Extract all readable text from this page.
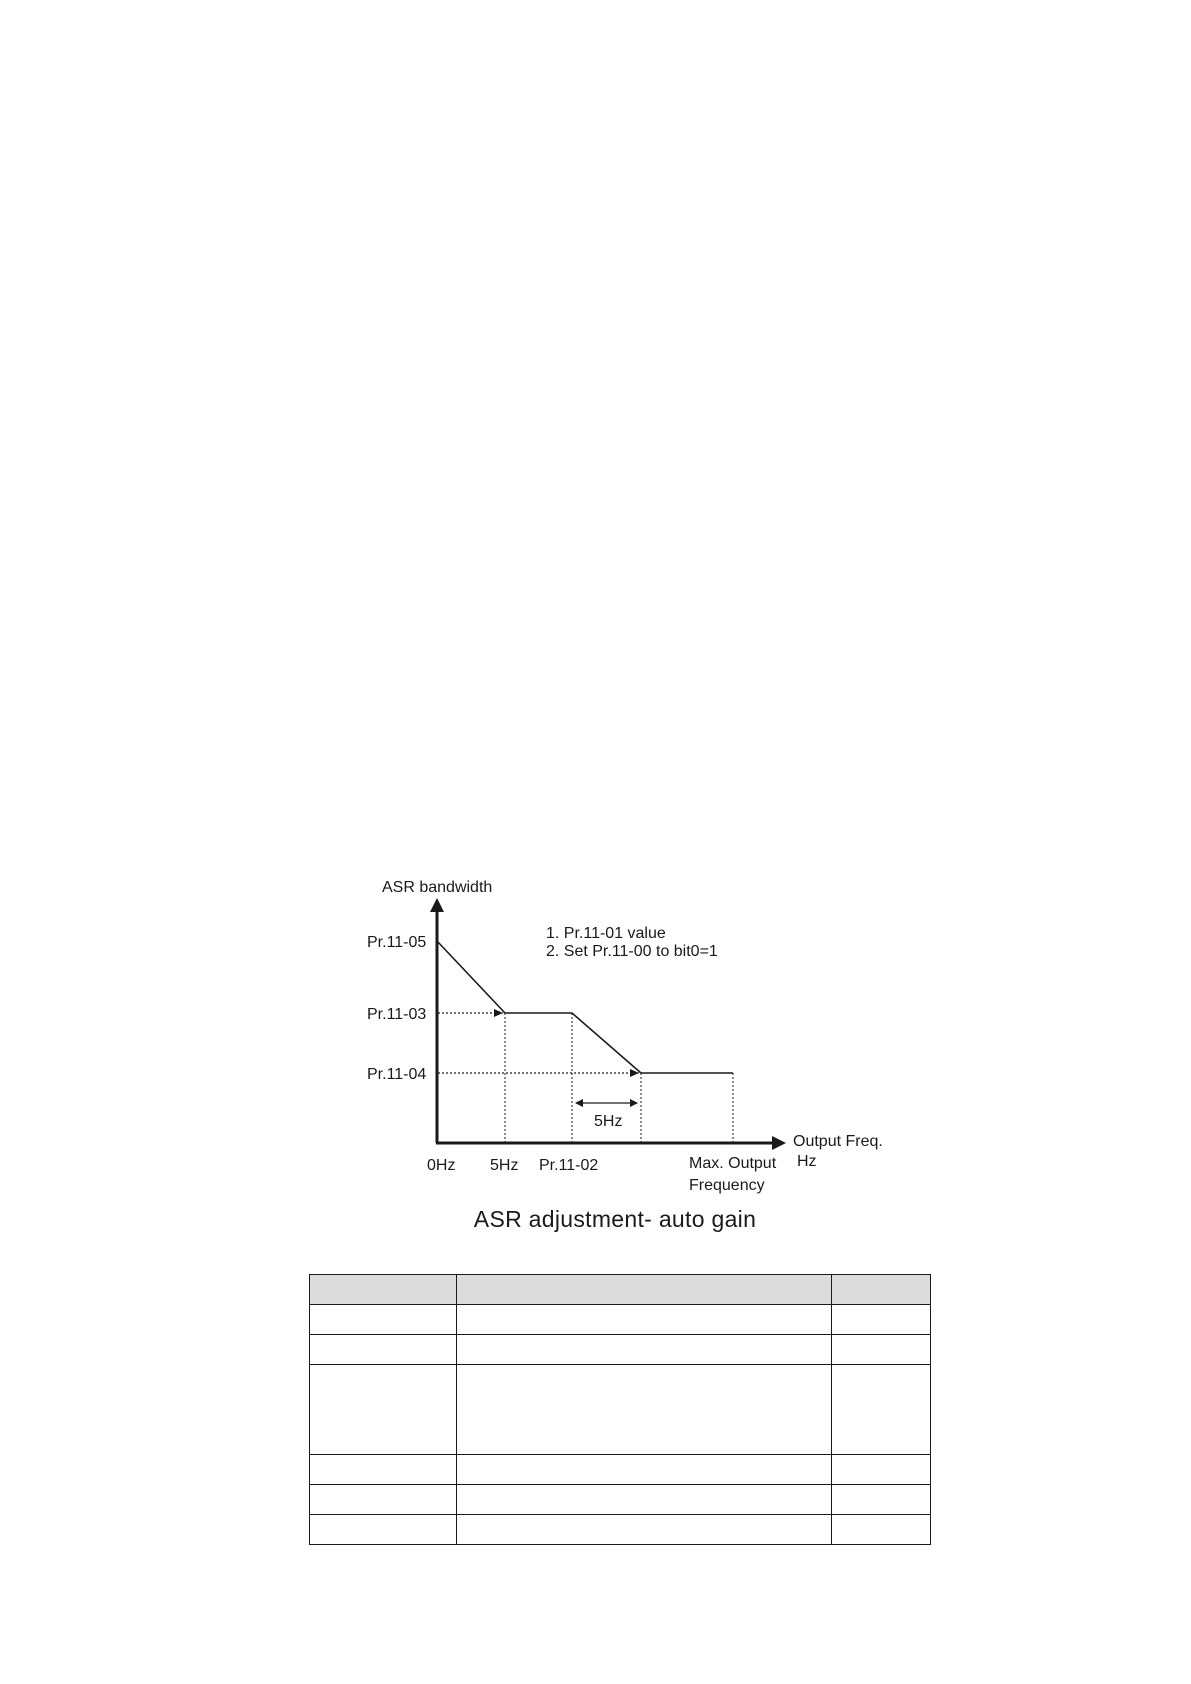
ASR bandwidth
Pr.11-05
Pr.11-03
Pr.11-04
1. Pr.11-01 value
2. Set Pr.11-00 to bit0=1
5Hz
0Hz 5Hz Pr.11-02	Max. Output
Frequency
Output Freq.
Hz
ASR adjustment- auto gain
